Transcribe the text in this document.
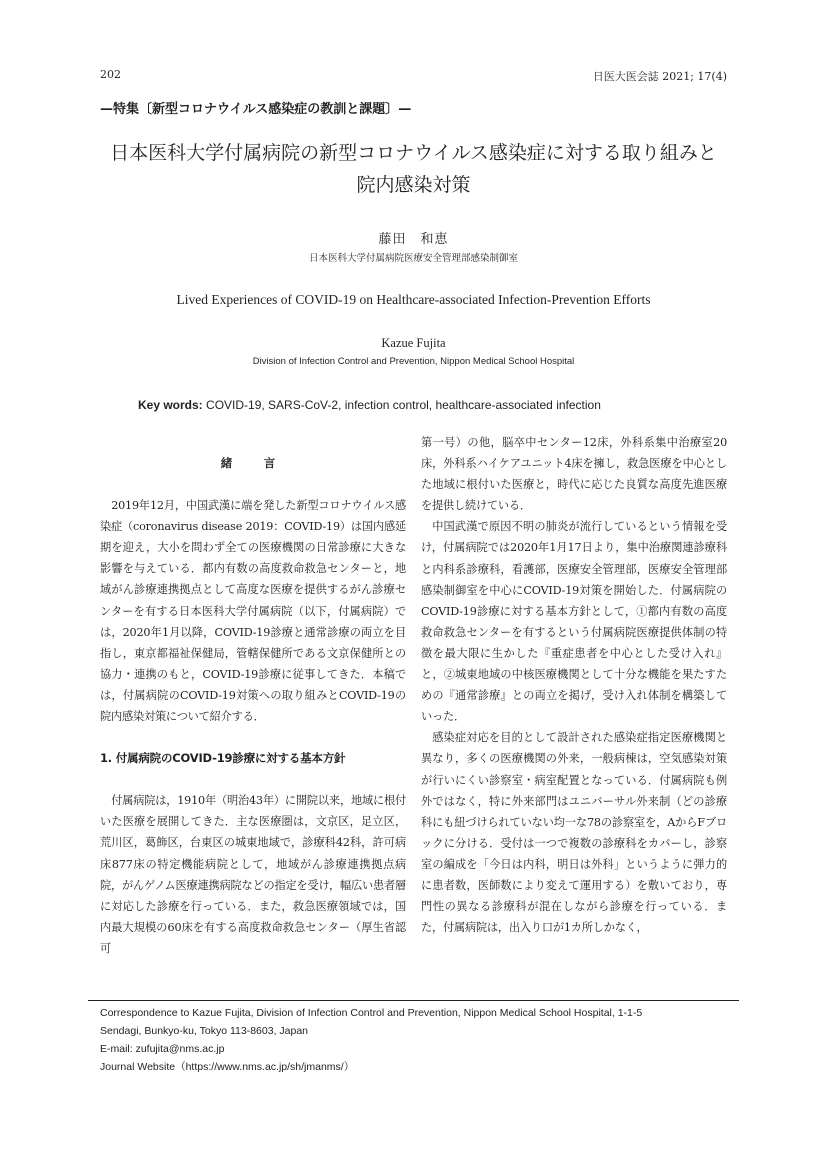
202	日医大医会誌 2021; 17(4)
—特集〔新型コロナウイルス感染症の教訓と課題〕—
日本医科大学付属病院の新型コロナウイルス感染症に対する取り組みと
院内感染対策
藤田　和恵
日本医科大学付属病院医療安全管理部感染制御室
Lived Experiences of COVID-19 on Healthcare-associated Infection-Prevention Efforts
Kazue Fujita
Division of Infection Control and Prevention, Nippon Medical School Hospital
Key words: COVID-19, SARS-CoV-2, infection control, healthcare-associated infection

緒　言

2019年12月，中国武漢に端を発した新型コロナウイルス感染症（coronavirus disease 2019：COVID-19）は国内感延期を迎え，大小を問わず全ての医療機関の日常診療に大きな影響を与えている．都内有数の高度救命救急センターと，地域がん診療連携拠点として高度な医療を提供するがん診療センターを有する日本医科大学付属病院（以下，付属病院）では，2020年1月以降，COVID-19診療と通常診療の両立を目指し，東京都福祉保健局，管轄保健所である文京保健所との協力・連携のもと，COVID-19診療に従事してきた．本稿では，付属病院のCOVID-19対策への取り組みとCOVID-19の院内感染対策について紹介する．

1. 付属病院のCOVID-19診療に対する基本方針

付属病院は，1910年（明治43年）に開院以来，地域に根付いた医療を展開してきた．主な医療圏は，文京区，足立区，荒川区，葛飾区，台東区の城東地域で，診療科42科，許可病床877床の特定機能病院として，地域がん診療連携拠点病院，がんゲノム医療連携病院などの指定を受け，幅広い患者層に対応した診療を行っている．また，救急医療領域では，国内最大規模の60床を有する高度救命救急センター（厚生省認可

第一号）の他，脳卒中センター12床，外科系集中治療室20床，外科系ハイケアユニット4床を擁し，救急医療を中心とした地域に根付いた医療と，時代に応じた良質な高度先進医療を提供し続けている．

中国武漢で原因不明の肺炎が流行しているという情報を受け，付属病院では2020年1月17日より，集中治療関連診療科と内科系診療科，看護部，医療安全管理部，医療安全管理部　感染制御室を中心にCOVID-19対策を開始した．付属病院のCOVID-19診療に対する基本方針として，①都内有数の高度救命救急センターを有するという付属病院医療提供体制の特徴を最大限に生かした『重症患者を中心とした受け入れ』と，②城東地域の中核医療機関として十分な機能を果たすための『通常診療』との両立を掲げ，受け入れ体制を構築していった．

感染症対応を目的として設計された感染症指定医療機関と異なり，多くの医療機関の外来，一般病棟は，空気感染対策が行いにくい診察室・病室配置となっている．付属病院も例外ではなく，特に外来部門はユニバーサル外来制（どの診療科にも紐づけられていない均一な78の診察室を，AからFブロックに分ける．受付は一つで複数の診療科をカバーし，診察室の編成を「今日は内科，明日は外科」というように弾力的に患者数，医師数により変えて運用する）を敷いており，専門性の異なる診療科が混在しながら診療を行っている．また，付属病院は，出入り口が1カ所しかなく，

Correspondence to Kazue Fujita, Division of Infection Control and Prevention, Nippon Medical School Hospital, 1-1-5
Sendagi, Bunkyo-ku, Tokyo 113-8603, Japan
E-mail: zufujita@nms.ac.jp
Journal Website（https://www.nms.ac.jp/sh/jmanms/）
